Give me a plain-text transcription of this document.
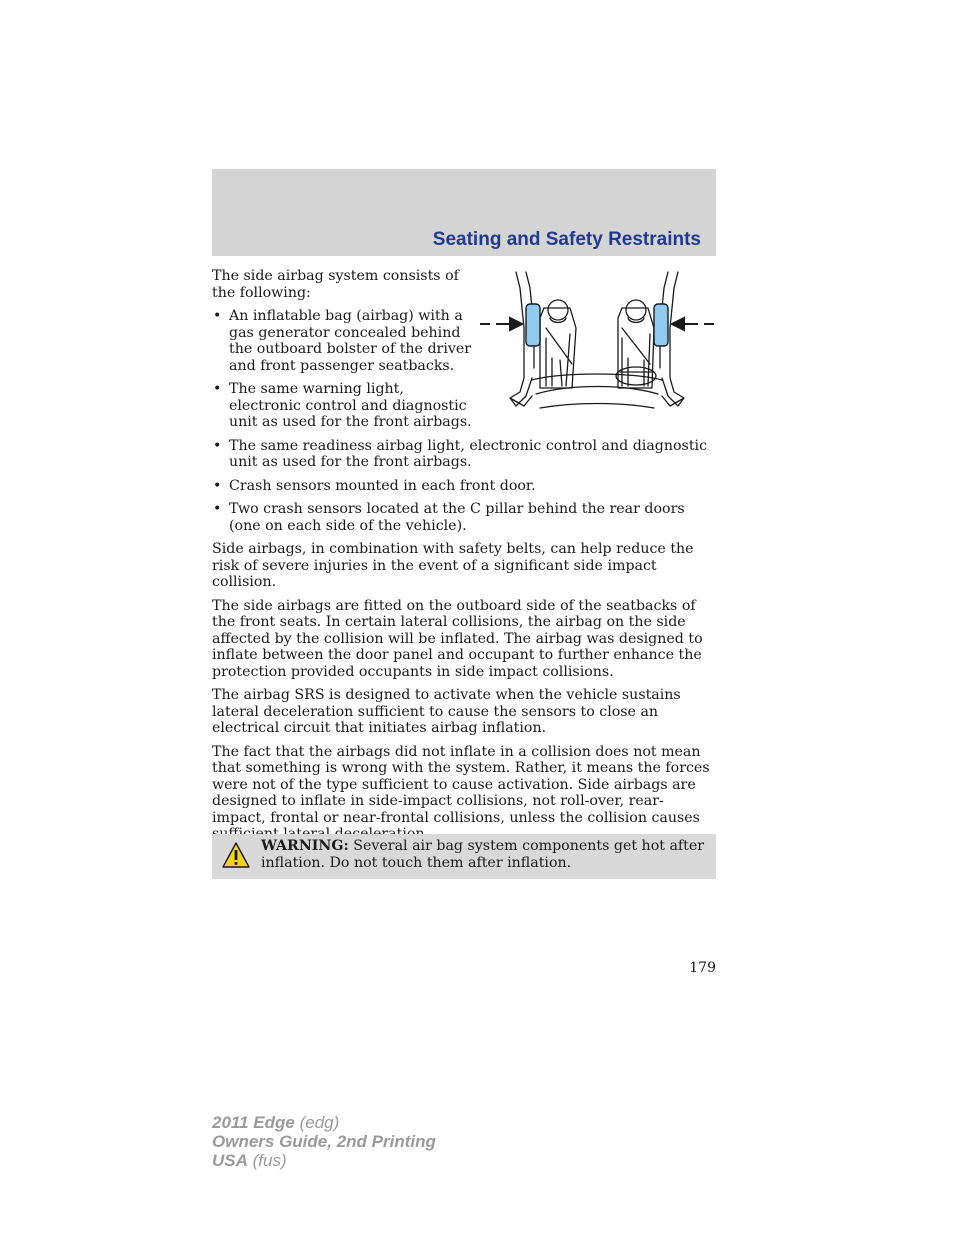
Seating and Safety Restraints

The side airbag system consists of the following:

• An inflatable bag (airbag) with a gas generator concealed behind the outboard bolster of the driver and front passenger seatbacks.
• The same warning light, electronic control and diagnostic unit as used for the front airbags.
• The same readiness airbag light, electronic control and diagnostic unit as used for the front airbags.
• Crash sensors mounted in each front door.
• Two crash sensors located at the C pillar behind the rear doors (one on each side of the vehicle).

Side airbags, in combination with safety belts, can help reduce the risk of severe injuries in the event of a significant side impact collision.

The side airbags are fitted on the outboard side of the seatbacks of the front seats. In certain lateral collisions, the airbag on the side affected by the collision will be inflated. The airbag was designed to inflate between the door panel and occupant to further enhance the protection provided occupants in side impact collisions.

The airbag SRS is designed to activate when the vehicle sustains lateral deceleration sufficient to cause the sensors to close an electrical circuit that initiates airbag inflation.

The fact that the airbags did not inflate in a collision does not mean that something is wrong with the system. Rather, it means the forces were not of the type sufficient to cause activation. Side airbags are designed to inflate in side-impact collisions, not roll-over, rear-impact, frontal or near-frontal collisions, unless the collision causes

WARNING: Several air bag system components get hot after inflation. Do not touch them after inflation.
179
2011 Edge (edg)
Owners Guide, 2nd Printing
USA (fus)
